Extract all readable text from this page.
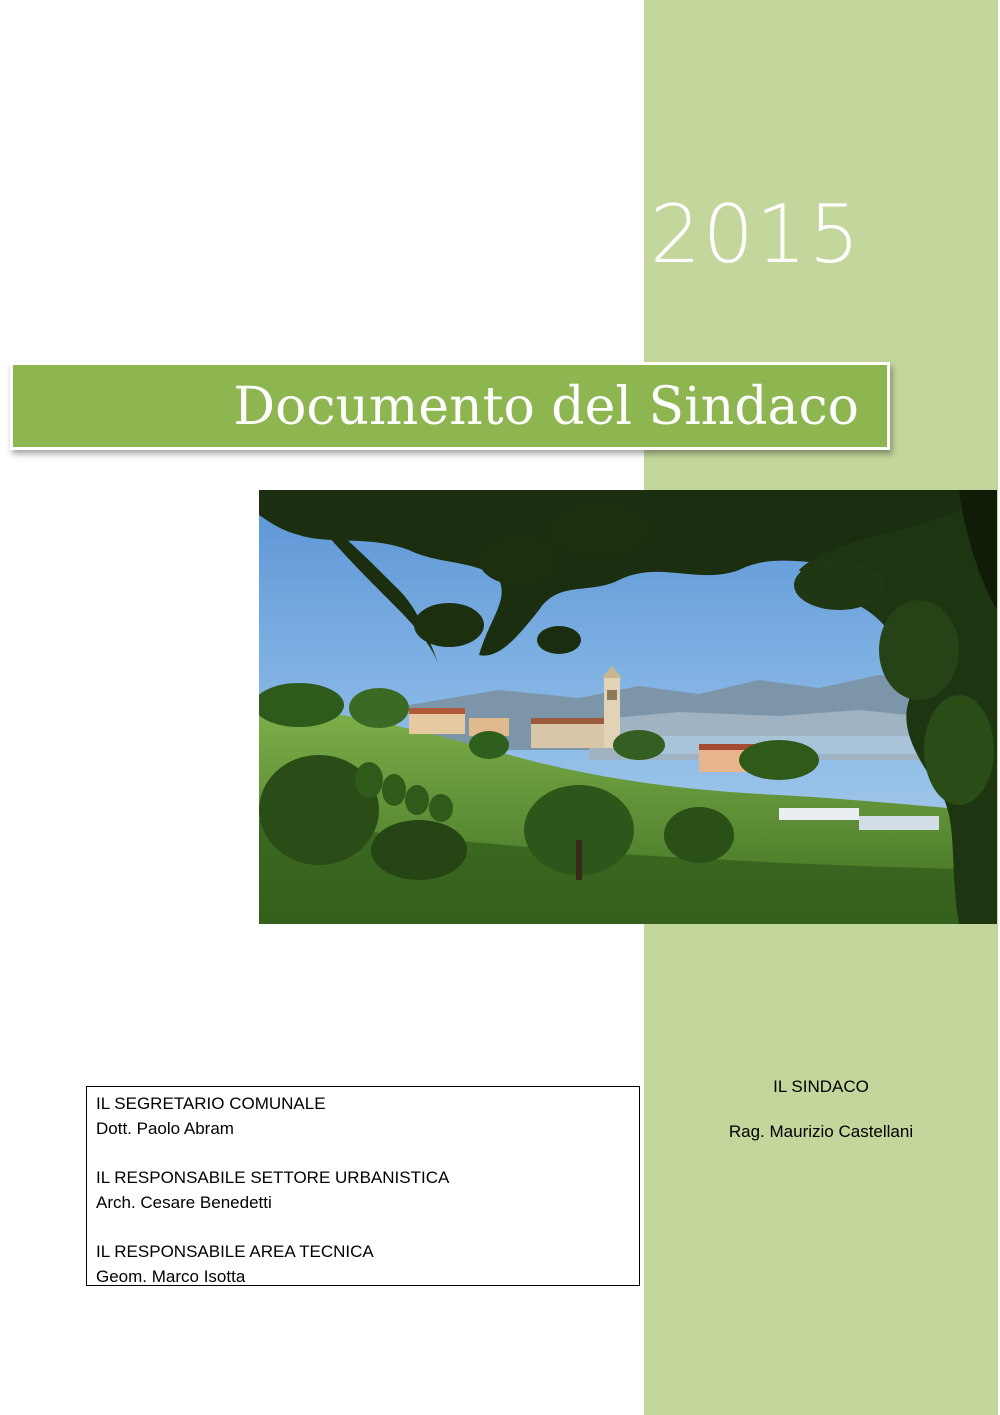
2015
Documento del Sindaco
IL SEGRETARIO COMUNALE
Dott. Paolo Abram
IL RESPONSABILE SETTORE URBANISTICA
Arch. Cesare Benedetti
IL RESPONSABILE AREA TECNICA
Geom. Marco Isotta
IL SINDACO
Rag. Maurizio Castellani
